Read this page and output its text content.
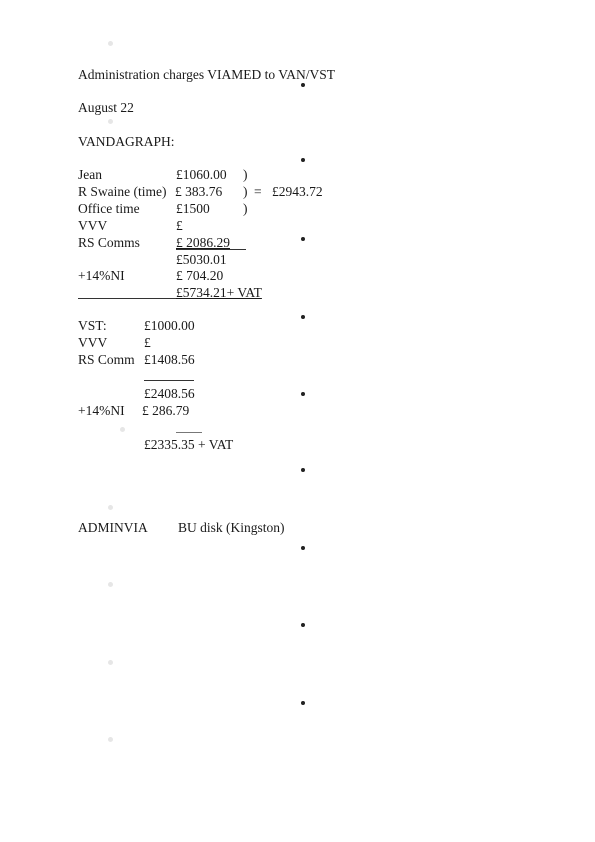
Administration charges VIAMED to VAN/VST
August 22
VANDAGRAPH:
Jean	£1060.00 )
R Swaine (time) £ 383.76 ) = £2943.72
Office time	£1500 )
VVV	£
RS Comms	£ 2086.29
£5030.01
+14%NI	£ 704.20
£5734.21+ VAT
VST:	£1000.00
VVV	£
RS Comm £1408.56
£2408.56
+14%NI £ 286.79
£2335.35 + VAT
ADMINVIA BU disk (Kingston)
